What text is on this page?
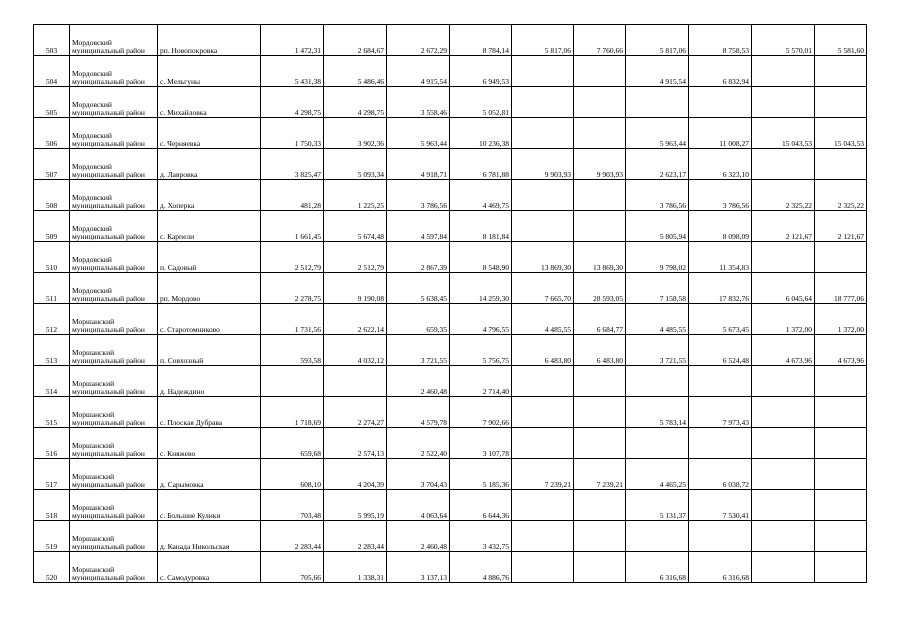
503	Мордовский муниципальный район	рп. Новопокровка	1 472,31	2 684,67	2 672,29	8 784,14	5 817,06	7 760,66	5 817,06	8 758,53	5 570,01	5 581,60
504	Мордовский муниципальный район	с. Мельгуны	5 431,38	5 486,46	4 915,54	6 949,53			4 915,54	6 832,94		
505	Мордовский муниципальный район	с. Михайловка	4 298,75	4 298,75	3 558,46	5 052,81						
506	Мордовский муниципальный район	с. Черняевка	1 750,33	3 902,36	5 963,44	10 236,38			5 963,44	11 008,27	15 043,53	15 043,53
507	Мордовский муниципальный район	д. Лавровка	3 825,47	5 093,34	4 918,71	6 781,88	9 903,93	9 903,93	2 623,17	6 323,10		
508	Мордовский муниципальный район	д. Хоперка	481,28	1 225,25	3 786,56	4 469,75			3 786,56	3 786,56	2 325,22	2 325,22
509	Мордовский муниципальный район	с. Карпели	1 661,45	5 674,48	4 597,84	8 181,84			5 805,94	8 098,09	2 121,67	2 121,67
510	Мордовский муниципальный район	п. Садовый	2 512,79	2 512,79	2 867,39	8 548,90	13 869,30	13 869,30	9 798,02	11 354,83		
511	Мордовский муниципальный район	рп. Мордово	2 278,75	9 190,08	5 638,45	14 259,30	7 665,70	28 593,05	7 158,58	17 832,76	6 045,64	18 777,06
512	Моршанский муниципальный район	с. Старотомниково	1 731,56	2 622,14	659,35	4 796,55	4 485,55	6 684,77	4 485,55	5 673,45	1 372,00	1 372,00
513	Моршанский муниципальный район	п. Совхозный	593,58	4 032,12	3 721,55	5 756,75	6 483,80	6 483,80	3 721,55	6 524,48	4 673,96	4 673,96
514	Моршанский муниципальный район	д. Надеждино			2 460,48	2 714,40						
515	Моршанский муниципальный район	с. Плоская Дубрава	1 718,69	2 274,27	4 579,78	7 902,66			5 783,14	7 973,43		
516	Моршанский муниципальный район	с. Княжево	659,68	2 574,13	2 522,40	3 107,78						
517	Моршанский муниципальный район	д. Сарымовка	608,10	4 204,39	3 704,43	5 185,36	7 239,21	7 239,21	4 465,25	6 038,72		
518	Моршанский муниципальный район	с. Большие Кулики	703,48	5 995,19	4 063,64	6 644,36			5 131,37	7 530,41		
519	Моршанский муниципальный район	д. Канада Никольская	2 283,44	2 283,44	2 460,48	3 432,75						
520	Моршанский муниципальный район	с. Самодуровка	705,66	1 338,31	3 137,13	4 886,76			6 316,68	6 316,68		
